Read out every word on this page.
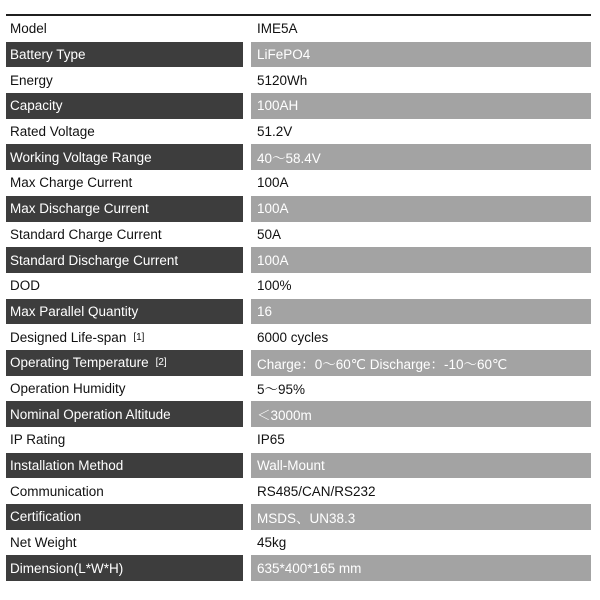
Model	IME5A
Battery Type	LiFePO4
Energy	5120Wh
Capacity	100AH
Rated Voltage	51.2V
Working Voltage Range	40～58.4V
Max Charge Current	100A
Max Discharge Current	100A
Standard Charge Current	50A
Standard Discharge Current	100A
DOD	100%
Max Parallel Quantity	16
Designed Life-span [1]	6000 cycles
Operating Temperature [2]	Charge：0～60℃ Discharge：-10～60℃
Operation Humidity	5～95%
Nominal Operation Altitude	＜3000m
IP Rating	IP65
Installation Method	Wall-Mount
Communication	RS485/CAN/RS232
Certification	MSDS、UN38.3
Net Weight	45kg
Dimension(L*W*H)	635*400*165 mm
